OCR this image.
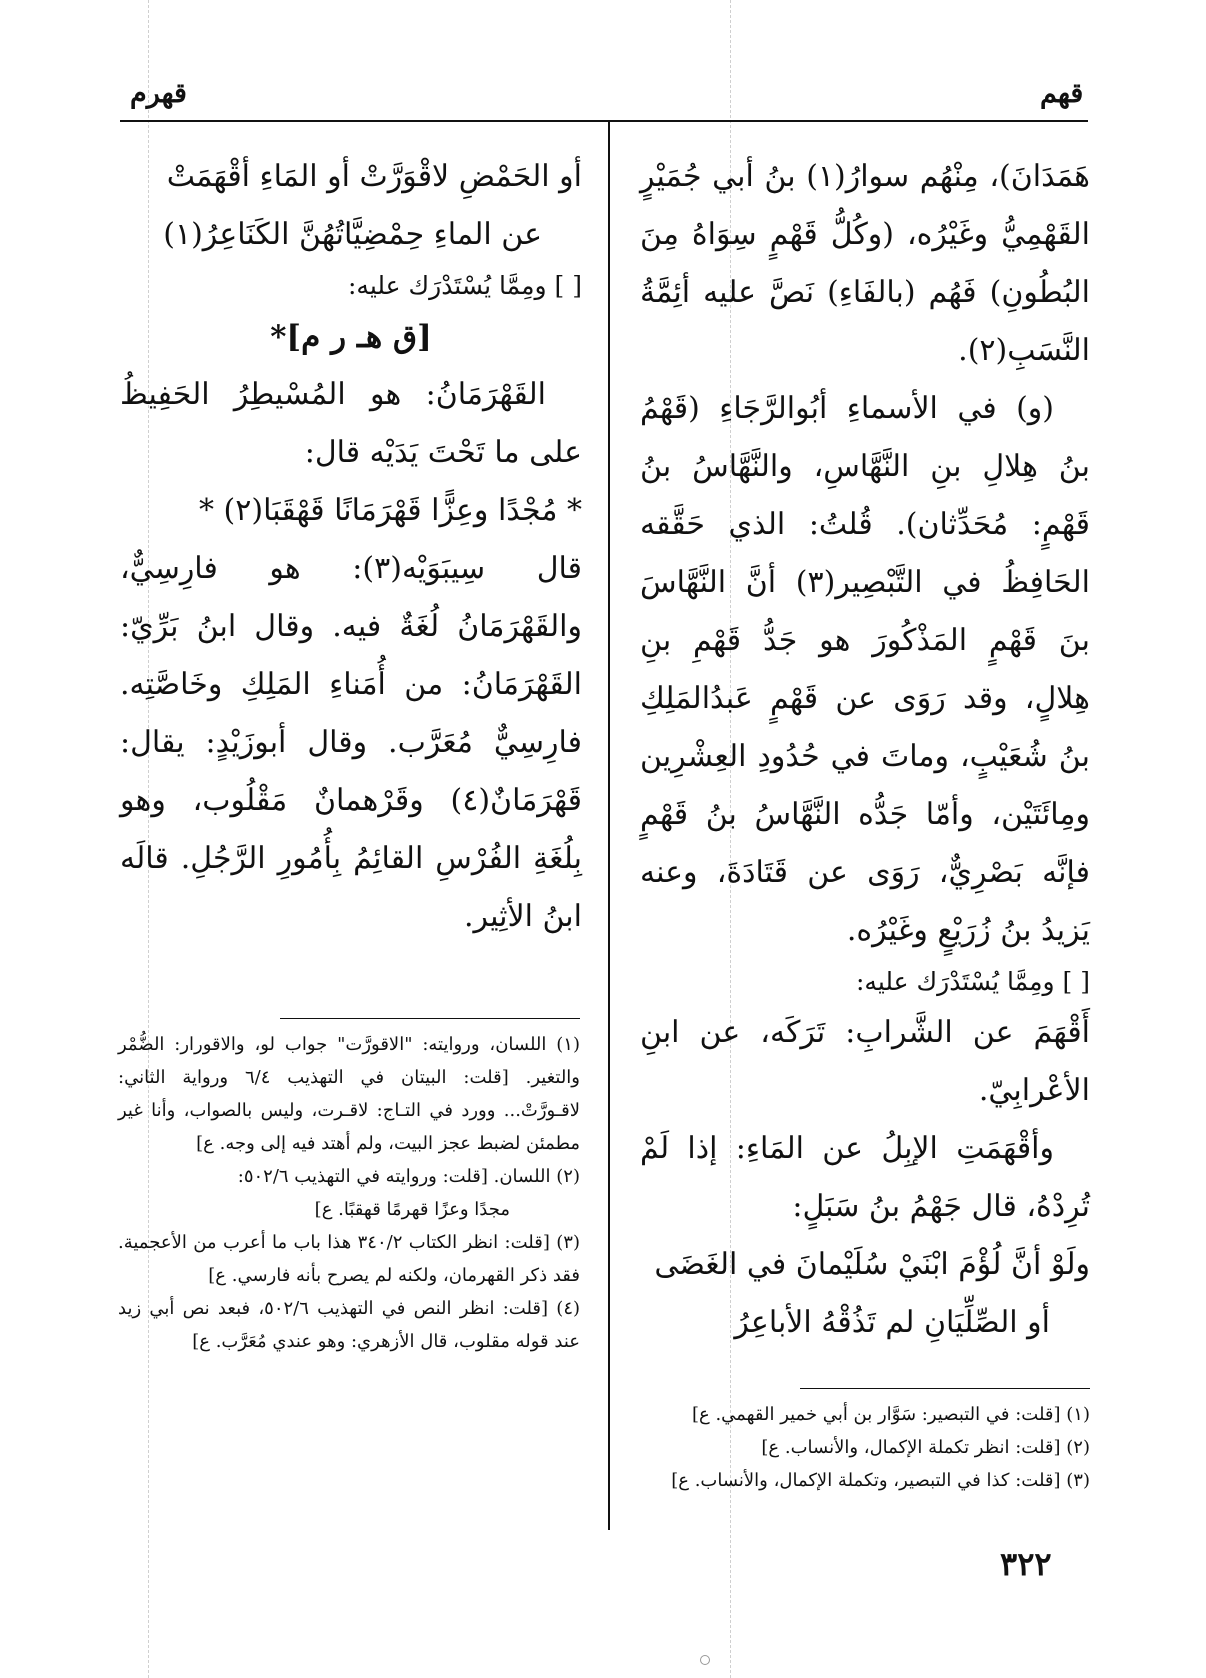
قهم
قهرم

هَمَدَانَ)، مِنْهُم سوارُ(١) بنُ أبي جُمَيْرٍ القَهْمِيُّ وغَيْرُه، (وكُلُّ قَهْمٍ سِوَاهُ مِنَ البُطُونِ) فَهُم (بالفَاءِ) نَصَّ عليه أئِمَّةُ النَّسَبِ(٢).

(و) في الأسماءِ أبُوالرَّجَاءِ (قَهْمُ بنُ هِلالِ بنِ النَّهَّاسِ، والنَّهَّاسُ بنُ قَهْمٍ: مُحَدِّثان). قُلتُ: الذي حَقَّقه الحَافِظُ في التَّبْصِير(٣) أنَّ النَّهَّاسَ بنَ قَهْمٍ المَذْكُورَ هو جَدُّ قَهْمِ بنِ هِلالٍ، وقد رَوَى عن قَهْمٍ عَبدُالمَلِكِ بنُ شُعَيْبٍ، وماتَ في حُدُودِ العِشْرِين ومِائَتَيْن، وأمّا جَدُّه النَّهَّاسُ بنُ قَهْمٍ فإنَّه بَصْرِيٌّ، رَوَى عن قَتَادَةَ، وعنه يَزيدُ بنُ زُرَيْعٍ وغَيْرُه.

[ ] ومِمَّا يُسْتَدْرَك عليه:

أَقْهَمَ عن الشَّرابِ: تَرَكَه، عن ابنِ الأعْرابِيّ.

وأقْهَمَتِ الإبِلُ عن المَاءِ: إذا لَمْ تُرِدْهُ، قال جَهْمُ بنُ سَبَلٍ:

ولَوْ أنَّ لُؤْمَ ابْنَيْ سُلَيْمانَ في الغَضَى

أو الصِّلِّيَانِ لم تَذُقْهُ الأباعِرُ

أو الحَمْضِ لاقْوَرَّتْ أو المَاءِ أقْهَمَتْ

عن الماءِ حِمْضِيَّاتُهُنَّ الكَنَاعِرُ(١)

[ ] ومِمَّا يُسْتَدْرَك عليه:

[ق هـ ر م]*

القَهْرَمَانُ: هو المُسْيطِرُ الحَفِيظُ على ما تَحْتَ يَدَيْه قال:

* مُجْدًا وعِزًّا قَهْرَمَانًا قَهْقَبَا(٢) *

قال سِيبَوَيْه(٣): هو فارِسِيٌّ، والقَهْرَمَانُ لُغَةٌ فيه. وقال ابنُ بَرِّيّ: القَهْرَمَانُ: من أُمَناءِ المَلِكِ وخَاصَّتِه. فارِسِيٌّ مُعَرَّب. وقال أبوزَيْدٍ: يقال: قَهْرَمَانٌ(٤) وقَرْهمانٌ مَقْلُوب، وهو بِلُغَةِ الفُرْسِ القائِمُ بِأُمُورِ الرَّجُلِ. قالَه ابنُ الأثِير.

(١) اللسان، وروايته: "الاقورَّت" جواب لو، والاقورار: الضُّمْر والتغير. [قلت: البيتان في التهذيب ٦/٤ ورواية الثاني: لاقـورَّتْ... وورد في التـاج: لاقـرت، وليس بالصواب، وأنا غير مطمئن لضبط عجز البيت، ولم أهتد فيه إلى وجه. ع]

(٢) اللسان. [قلت: وروايته في التهذيب ٥٠٢/٦:

مجدًا وعزًا قهرمًا قهقبًا. ع]

(٣) [قلت: انظر الكتاب ٣٤٠/٢ هذا باب ما أعرب من الأعجمية. فقد ذكر القهرمان، ولكنه لم يصرح بأنه فارسي. ع]

(٤) [قلت: انظر النص في التهذيب ٥٠٢/٦، فبعد نص أبي زيد عند قوله مقلوب، قال الأزهري: وهو عندي مُعَرَّب. ع]

(١) [قلت: في التبصير: سَوَّار بن أبي خمير القهمي. ع]

(٢) [قلت: انظر تكملة الإكمال، والأنساب. ع]

(٣) [قلت: كذا في التبصير، وتكملة الإكمال، والأنساب. ع]

٣٢٢
